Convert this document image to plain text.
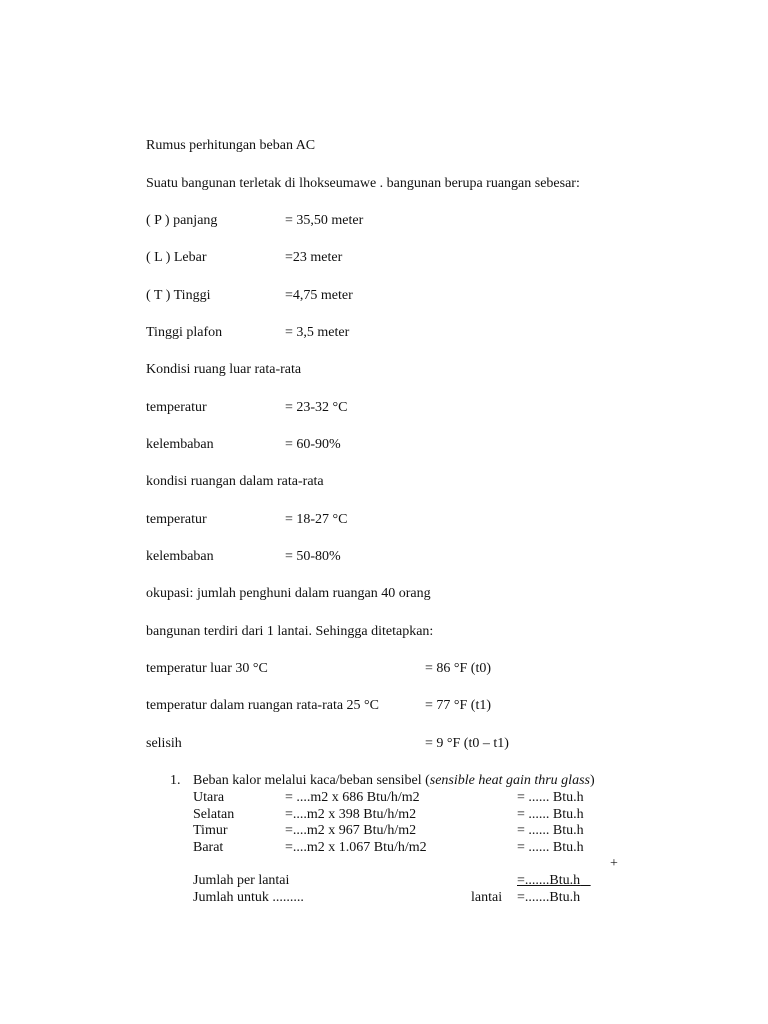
Rumus perhitungan beban AC
Suatu bangunan terletak di lhokseumawe . bangunan berupa ruangan sebesar:
( P ) panjang	= 35,50 meter
( L ) Lebar	=23 meter
( T ) Tinggi	=4,75 meter
Tinggi plafon	= 3,5 meter
Kondisi ruang luar rata-rata
temperatur	= 23-32 °C
kelembaban	= 60-90%
kondisi ruangan dalam rata-rata
temperatur	= 18-27 °C
kelembaban	= 50-80%
okupasi: jumlah penghuni dalam ruangan 40 orang
bangunan terdiri dari 1 lantai. Sehingga ditetapkan:
temperatur luar 30 °C	= 86 °F (t0)
temperatur dalam ruangan rata-rata 25 °C	= 77 °F (t1)
selisih	= 9 °F (t0 – t1)
1. Beban kalor melalui kaca/beban sensibel (sensible heat gain thru glass)
Utara	= ....m2 x 686 Btu/h/m2	= ...... Btu.h
Selatan	=....m2 x 398 Btu/h/m2	= ...... Btu.h
Timur	=....m2 x 967 Btu/h/m2	= ...... Btu.h
Barat	=....m2 x 1.067 Btu/h/m2	= ...... Btu.h
+
Jumlah per lantai	=.......Btu.h
Jumlah untuk .........	lantai =.......Btu.h
